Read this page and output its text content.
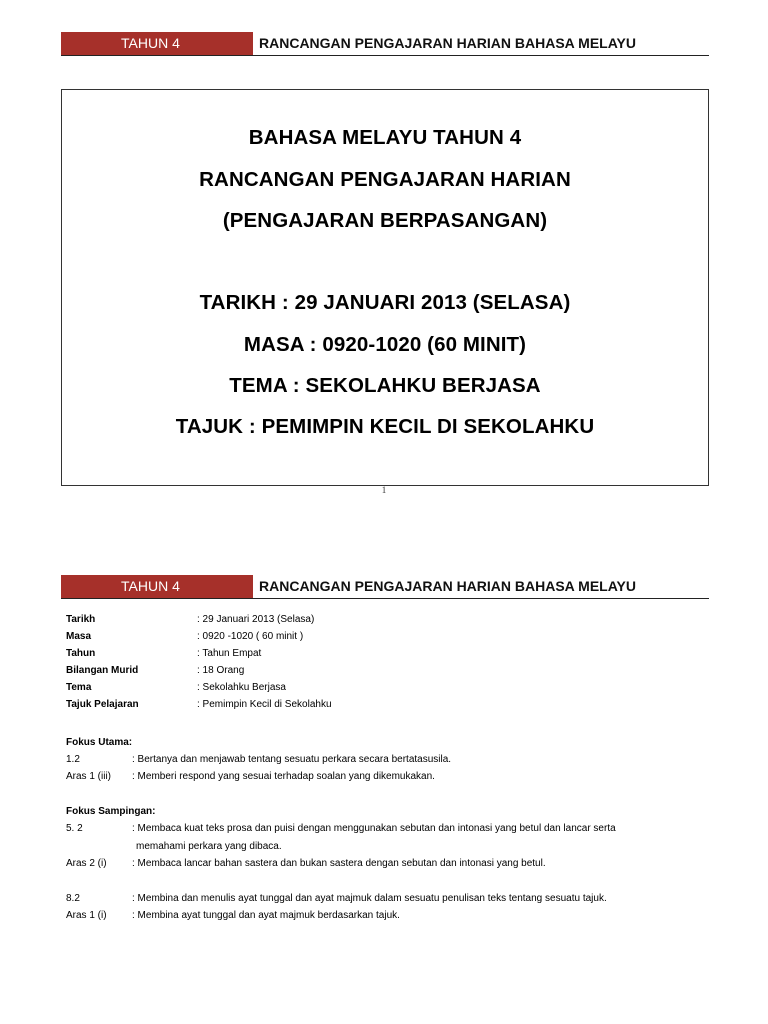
TAHUN 4	RANCANGAN PENGAJARAN HARIAN BAHASA MELAYU
BAHASA MELAYU TAHUN 4
RANCANGAN PENGAJARAN HARIAN
(PENGAJARAN BERPASANGAN)
TARIKH : 29 JANUARI 2013 (SELASA)
MASA : 0920-1020 (60 MINIT)
TEMA : SEKOLAHKU BERJASA
TAJUK : PEMIMPIN KECIL DI SEKOLAHKU
1
TAHUN 4	RANCANGAN PENGAJARAN HARIAN BAHASA MELAYU
Tarikh	: 29 Januari 2013 (Selasa)
Masa	: 0920 -1020 ( 60 minit )
Tahun	: Tahun Empat
Bilangan Murid	: 18 Orang
Tema	: Sekolahku Berjasa
Tajuk Pelajaran	: Pemimpin Kecil di Sekolahku
Fokus Utama:
1.2	: Bertanya dan menjawab tentang sesuatu perkara secara bertatasusila.
Aras 1 (iii) : Memberi respond yang sesuai terhadap soalan yang dikemukakan.
Fokus Sampingan:
5. 2	: Membaca kuat teks prosa dan puisi dengan menggunakan sebutan dan intonasi yang betul dan lancar serta
memahami perkara yang dibaca.
Aras 2 (i)	: Membaca lancar bahan sastera dan bukan sastera dengan sebutan dan intonasi yang betul.
8.2	: Membina dan menulis ayat tunggal dan ayat majmuk dalam sesuatu penulisan teks tentang sesuatu tajuk.
Aras 1 (i)	: Membina ayat tunggal dan ayat majmuk berdasarkan tajuk.
